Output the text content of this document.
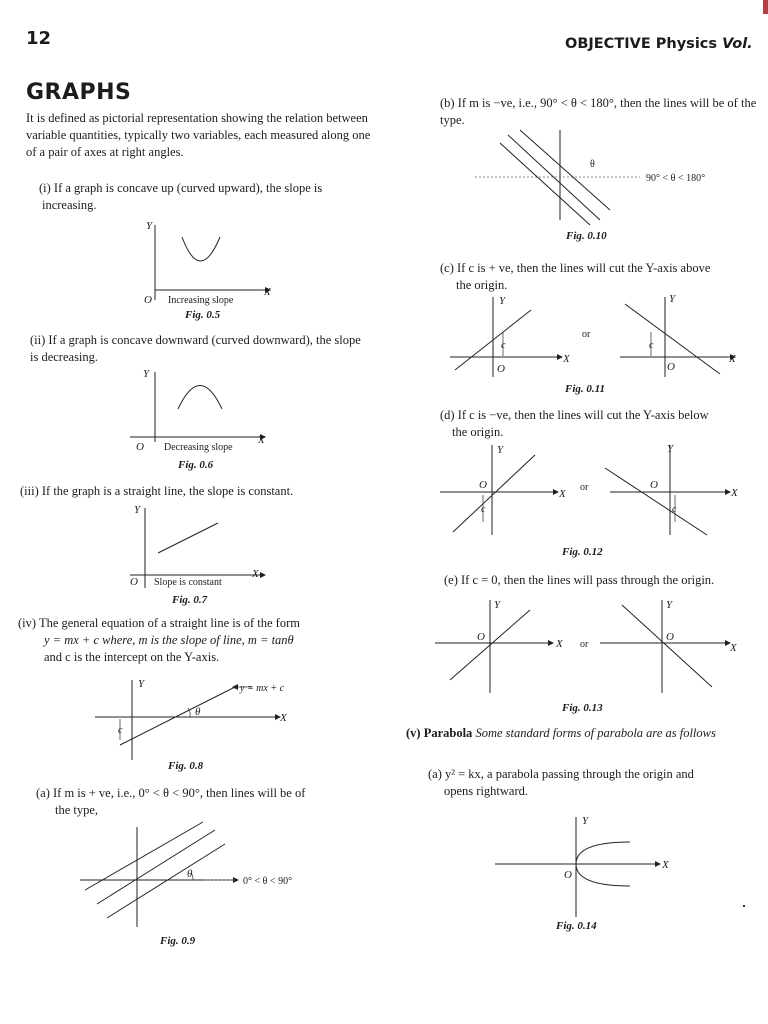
12	OBJECTIVE Physics Vol.
GRAPHS
It is defined as pictorial representation showing the relation between variable quantities, typically two variables, each measured along one of a pair of axes at right angles.
(i) If a graph is concave up (curved upward), the slope is increasing.
Y
X
O Increasing slope
Fig. 0.5
(ii) If a graph is concave downward (curved downward), the slope is decreasing.
Y
X
O Decreasing slope
Fig. 0.6
(iii) If the graph is a straight line, the slope is constant.
Y
X
O Slope is constant
Fig. 0.7
(iv) The general equation of a straight line is of the form
y = mx + c where, m is the slope of line, m = tanθ
and c is the intercept on the Y-axis.
Y
X
θ
y = mx + c
c
Fig. 0.8
(a) If m is + ve, i.e., 0° < θ < 90°, then lines will be of
the type,
θ
0° < θ < 90°
Fig. 0.9
(b) If m is −ve, i.e., 90° < θ < 180°, then the lines will be of the type.
θ
90° < θ < 180°
Fig. 0.10
(c) If c is + ve, then the lines will cut the Y-axis above
the origin.
Y
X
O
c
or
Y
X
O
c
Fig. 0.11
(d) If c is −ve, then the lines will cut the Y-axis below
the origin.
Y
X
O
c
or
Y
X
O
c
Fig. 0.12
(e) If c = 0, then the lines will pass through the origin.
Y
X
O
or
Y
X
O
Fig. 0.13
(v) Parabola Some standard forms of parabola are as follows
(a) y² = kx, a parabola passing through the origin and
opens rightward.
Y
X
O
Fig. 0.14
